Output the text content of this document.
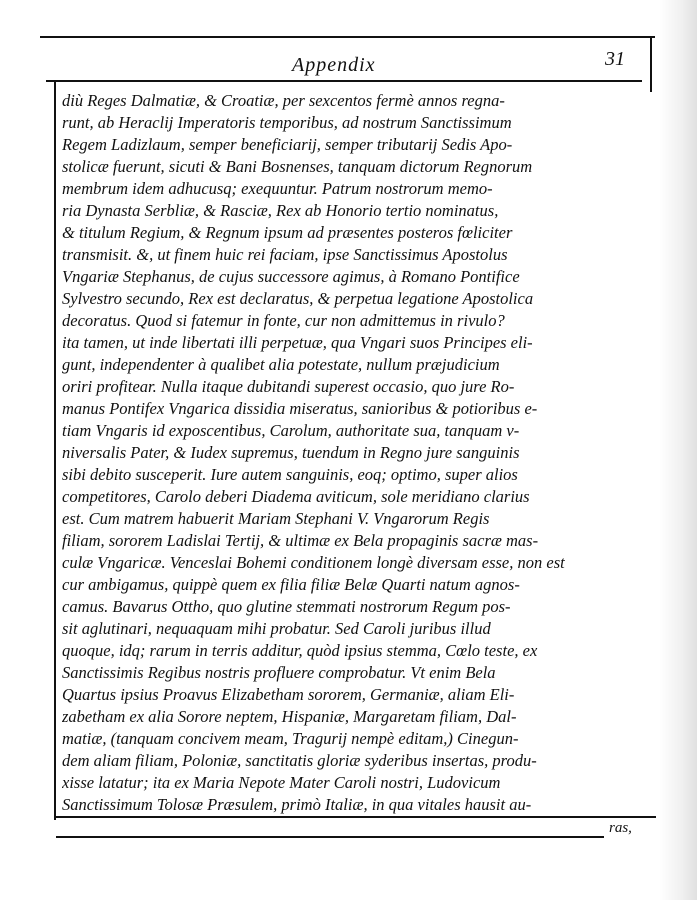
Appendix	31
diù Reges Dalmatiæ, & Croatiæ, per sexcentos fermè annos regna-
runt, ab Heraclij Imperatoris temporibus, ad nostrum Sanctissimum
Regem Ladizlaum, semper beneficiarij, semper tributarij Sedis Apo-
stolicæ fuerunt, sicuti & Bani Bosnenses, tanquam dictorum Regnorum
membrum idem adhucusq; exequuntur. Patrum nostrorum memo-
ria Dynasta Serbliæ, & Rasciæ, Rex ab Honorio tertio nominatus,
& titulum Regium, & Regnum ipsum ad præsentes posteros fœliciter
transmisit. &, ut finem huic rei faciam, ipse Sanctissimus Apostolus
Vngariæ Stephanus, de cujus successore agimus, à Romano Pontifice
Sylvestro secundo, Rex est declaratus, & perpetua legatione Apostolica
decoratus. Quod si fatemur in fonte, cur non admittemus in rivulo?
ita tamen, ut inde libertati illi perpetuæ, qua Vngari suos Principes eli-
gunt, independenter à qualibet alia potestate, nullum præjudicium
oriri profitear. Nulla itaque dubitandi superest occasio, quo jure Ro-
manus Pontifex Vngarica dissidia miseratus, sanioribus & potioribus e-
tiam Vngaris id exposcentibus, Carolum, authoritate sua, tanquam v-
niversalis Pater, & Iudex supremus, tuendum in Regno jure sanguinis
sibi debito susceperit. Iure autem sanguinis, eoq; optimo, super alios
competitores, Carolo deberi Diadema aviticum, sole meridiano clarius
est. Cum matrem habuerit Mariam Stephani V. Vngarorum Regis
filiam, sororem Ladislai Tertij, & ultimæ ex Bela propaginis sacræ mas-
culæ Vngaricæ. Venceslai Bohemi conditionem longè diversam esse, non est
cur ambigamus, quippè quem ex filia filiæ Belæ Quarti natum agnos-
camus. Bavarus Ottho, quo glutine stemmati nostrorum Regum pos-
sit aglutinari, nequaquam mihi probatur. Sed Caroli juribus illud
quoque, idq; rarum in terris additur, quòd ipsius stemma, Cœlo teste, ex
Sanctissimis Regibus nostris profluere comprobatur. Vt enim Bela
Quartus ipsius Proavus Elizabetham sororem, Germaniæ, aliam Eli-
zabetham ex alia Sorore neptem, Hispaniæ, Margaretam filiam, Dal-
matiæ, (tanquam concivem meam, Tragurij nempè editam,) Cinegun-
dem aliam filiam, Poloniæ, sanctitatis gloriæ syderibus insertas, produ-
xisse latatur; ita ex Maria Nepote Mater Caroli nostri, Ludovicum
Sanctissimum Tolosæ Præsulem, primò Italiæ, in qua vitales hausit au-
ras,
